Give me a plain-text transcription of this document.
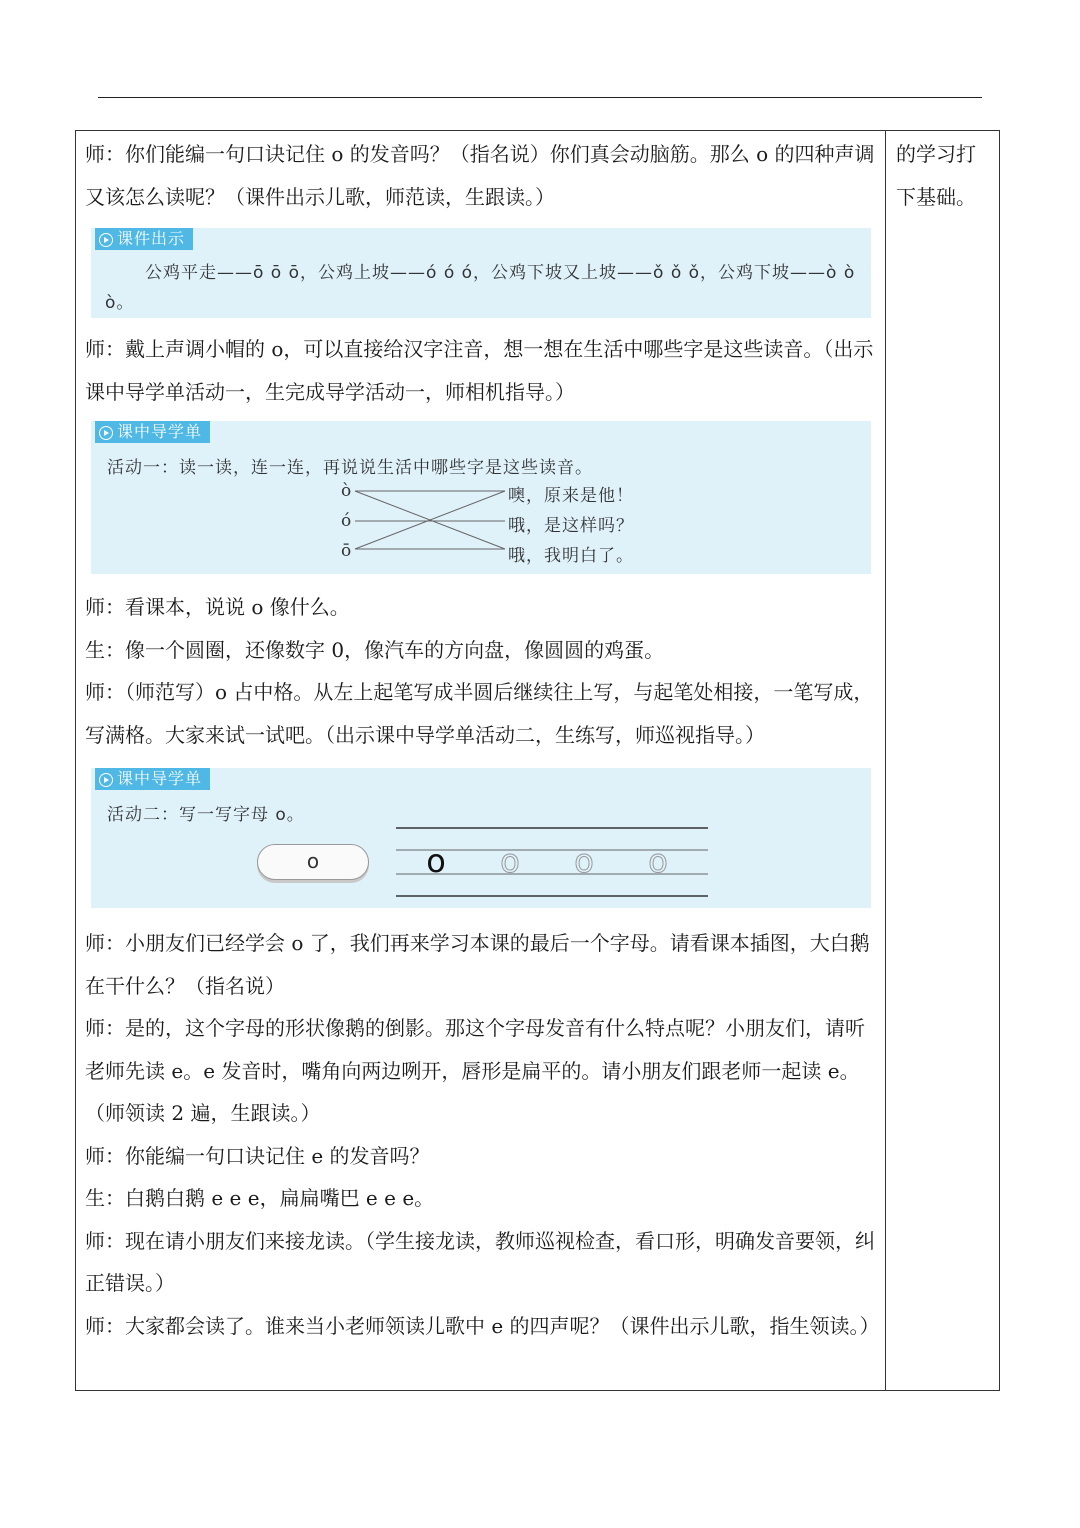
师：你们能编一句口诀记住 o 的发音吗？（指名说）你们真会动脑筋。那么 o 的四种声调又该怎么读呢？（课件出示儿歌，师范读，生跟读。）

课件出示
公鸡平走——ō ō ō，公鸡上坡——ó ó ó，公鸡下坡又上坡——ǒ ǒ ǒ，公鸡下坡——ò ò
ò。

师：戴上声调小帽的 o，可以直接给汉字注音，想一想在生活中哪些字是这些读音。（出示课中导学单活动一，生完成导学活动一，师相机指导。）

课中导学单
活动一：读一读，连一连，再说说生活中哪些字是这些读音。
ò
ó
ō
噢，原来是他！
哦，是这样吗？
哦，我明白了。

师：看课本，说说 o 像什么。

生：像一个圆圈，还像数字 0，像汽车的方向盘，像圆圆的鸡蛋。

师：（师范写）o 占中格。从左上起笔写成半圆后继续往上写，与起笔处相接，一笔写成，写满格。大家来试一试吧。（出示课中导学单活动二，生练写，师巡视指导。）

课中导学单
活动二：写一写字母 o。
o	o o o o

师：小朋友们已经学会 o 了，我们再来学习本课的最后一个字母。请看课本插图，大白鹅在干什么？（指名说）

师：是的，这个字母的形状像鹅的倒影。那这个字母发音有什么特点呢？小朋友们，请听老师先读 e。e 发音时，嘴角向两边咧开，唇形是扁平的。请小朋友们跟老师一起读 e。（师领读 2 遍，生跟读。）

师：你能编一句口诀记住 e 的发音吗？

生：白鹅白鹅 e e e，扁扁嘴巴 e e e。

师：现在请小朋友们来接龙读。（学生接龙读，教师巡视检查，看口形，明确发音要领，纠正错误。）

师：大家都会读了。谁来当小老师领读儿歌中 e 的四声呢？（课件出示儿歌，指生领读。）

的学习打下基础。
